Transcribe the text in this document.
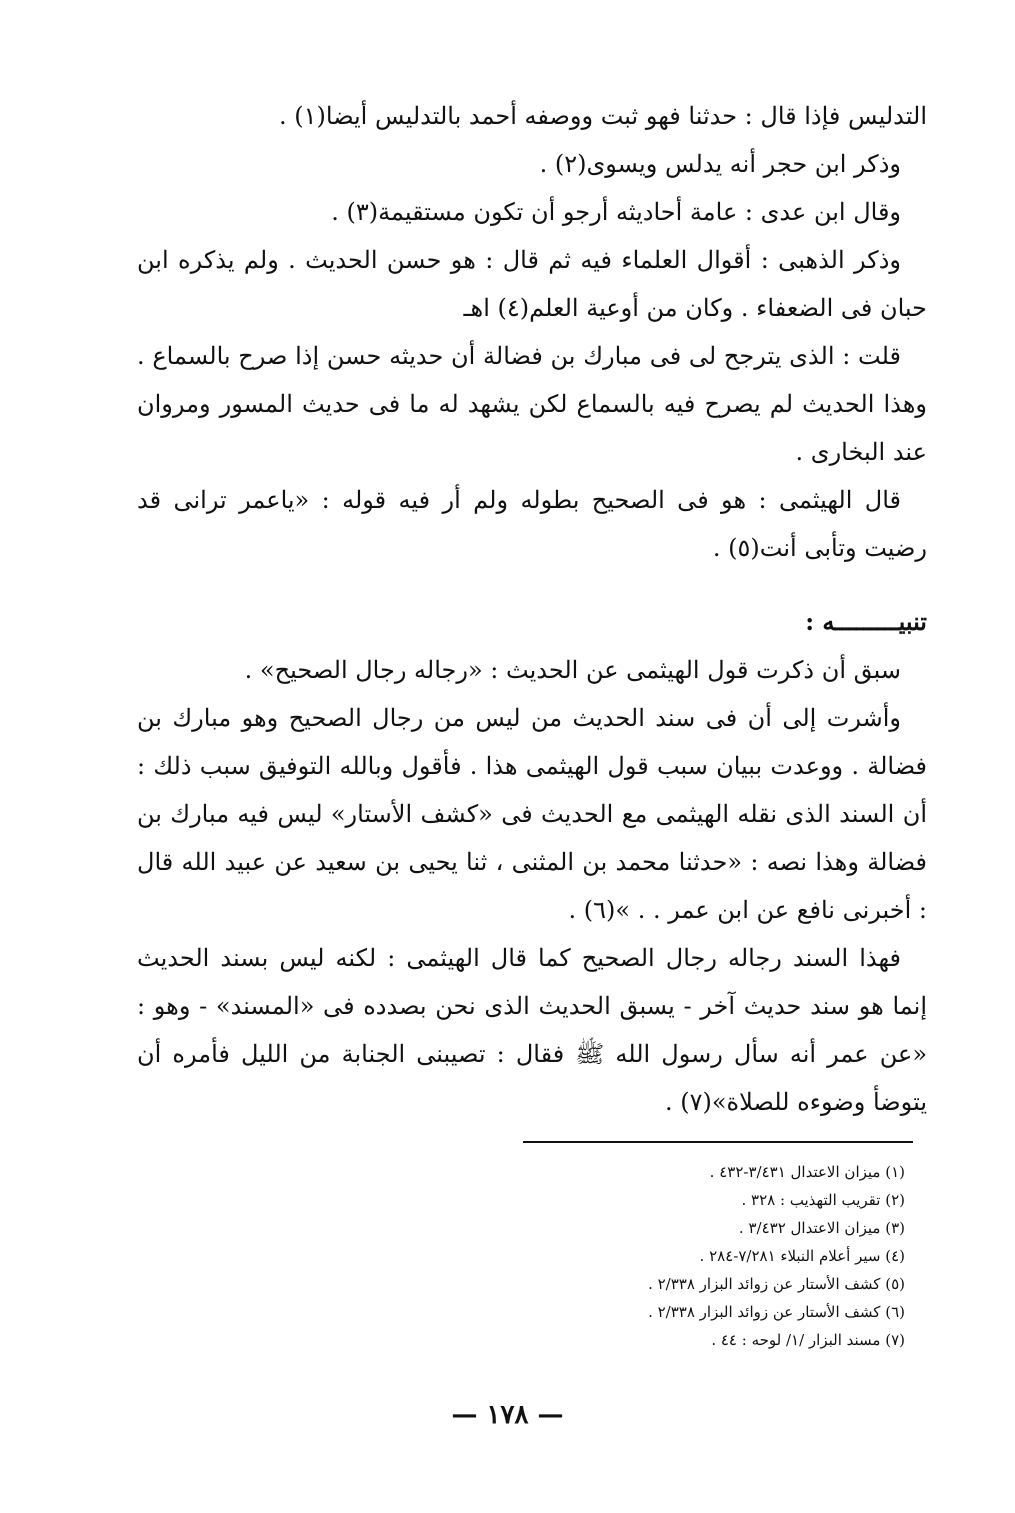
التدليس فإذا قال : حدثنا فهو ثبت ووصفه أحمد بالتدليس أيضا(١) .

وذكر ابن حجر أنه يدلس ويسوى(٢) .

وقال ابن عدى : عامة أحاديثه أرجو أن تكون مستقيمة(٣) .

وذكر الذهبى : أقوال العلماء فيه ثم قال : هو حسن الحديث . ولم يذكره ابن حبان فى الضعفاء . وكان من أوعية العلم(٤) اهـ

قلت : الذى يترجح لى فى مبارك بن فضالة أن حديثه حسن إذا صرح بالسماع . وهذا الحديث لم يصرح فيه بالسماع لكن يشهد له ما فى حديث المسور ومروان عند البخارى .

قال الهيثمى : هو فى الصحيح بطوله ولم أر فيه قوله : «ياعمر ترانى قد رضيت وتأبى أنت(٥) .

تنبيـــــــــه :

سبق أن ذكرت قول الهيثمى عن الحديث : «رجاله رجال الصحيح» .

وأشرت إلى أن فى سند الحديث من ليس من رجال الصحيح وهو مبارك بن فضالة . ووعدت ببيان سبب قول الهيثمى هذا . فأقول وبالله التوفيق سبب ذلك : أن السند الذى نقله الهيثمى مع الحديث فى «كشف الأستار» ليس فيه مبارك بن فضالة وهذا نصه : «حدثنا محمد بن المثنى ، ثنا يحيى بن سعيد عن عبيد الله قال : أخبرنى نافع عن ابن عمر . . »(٦) .

فهذا السند رجاله رجال الصحيح كما قال الهيثمى : لكنه ليس بسند الحديث إنما هو سند حديث آخر - يسبق الحديث الذى نحن بصدده فى «المسند» - وهو : «عن عمر أنه سأل رسول الله ﷺ فقال : تصيبنى الجنابة من الليل فأمره أن يتوضأ وضوءه للصلاة»(٧) .

(١) ميزان الاعتدال ٣/٤٣١-٤٣٢ .
(٢) تقريب التهذيب : ٣٢٨ .
(٣) ميزان الاعتدال ٣/٤٣٢ .
(٤) سير أعلام النبلاء ٧/٢٨١-٢٨٤ .
(٥) كشف الأستار عن زوائد البزار ٢/٣٣٨ .
(٦) كشف الأستار عن زوائد البزار ٢/٣٣٨ .
(٧) مسند البزار /١/ لوحه : ٤٤ .
— ١٧٨ —
